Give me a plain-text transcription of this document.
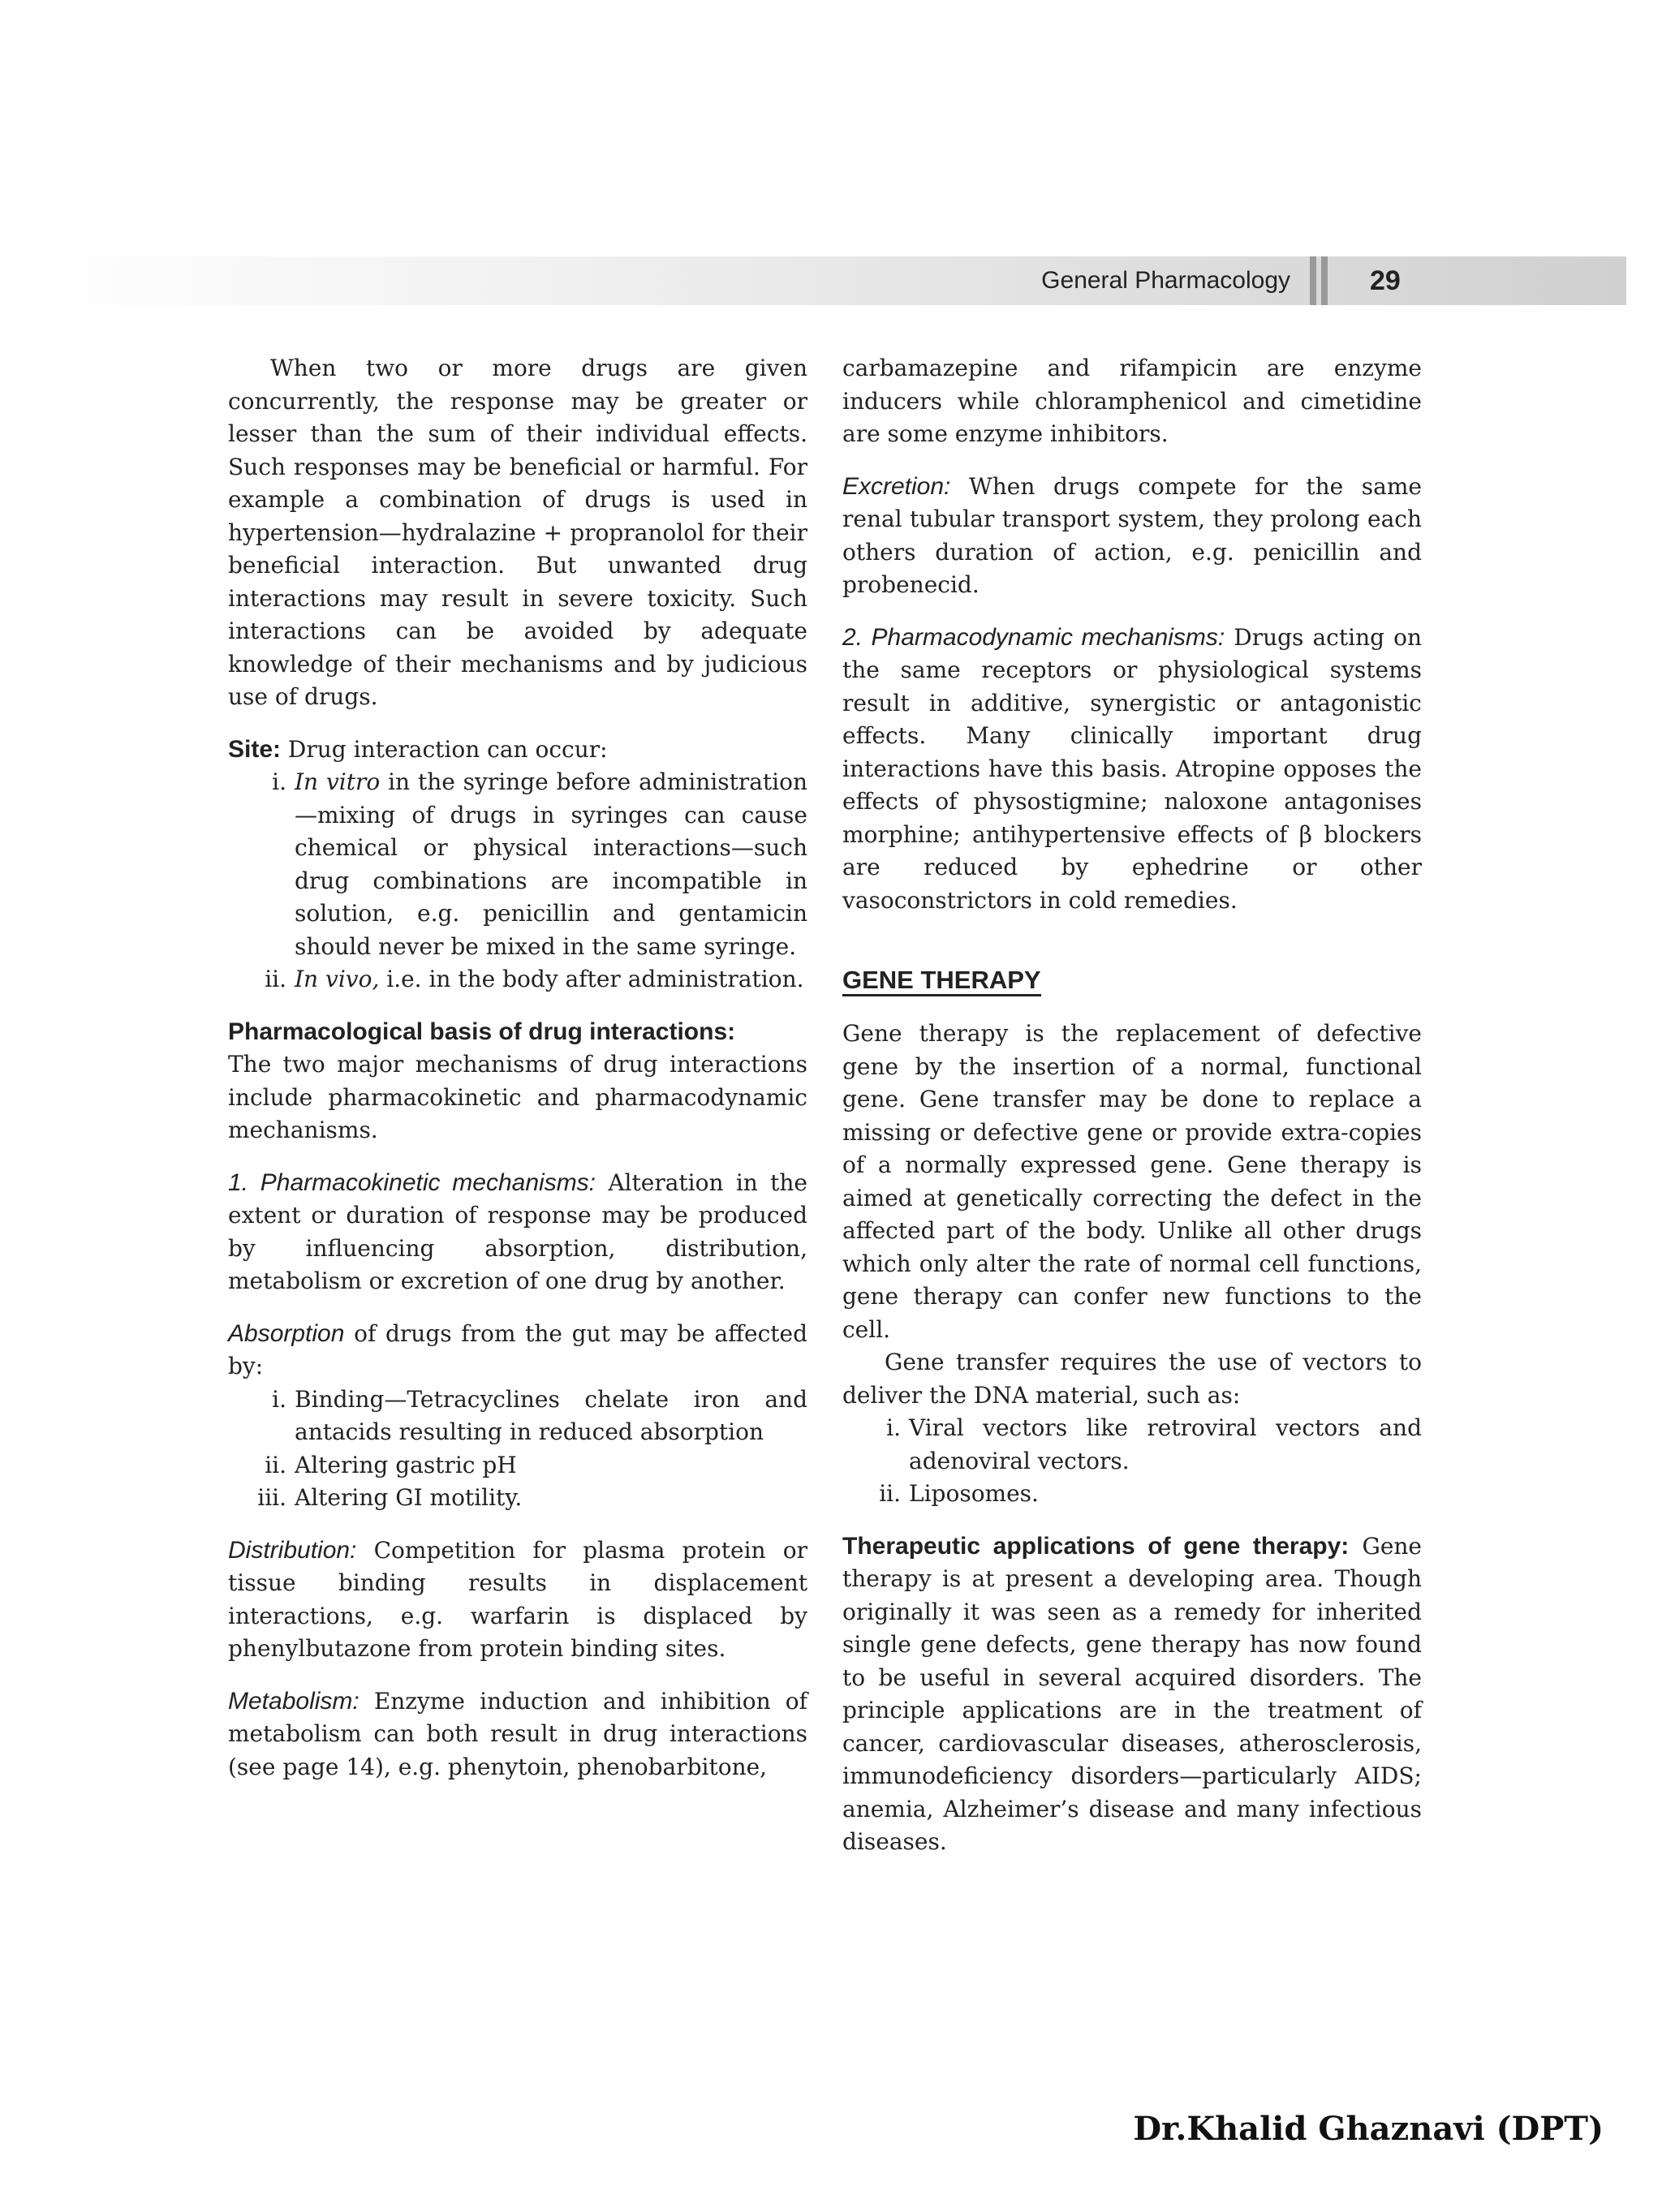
General Pharmacology	29

When two or more drugs are given concurrently, the response may be greater or lesser than the sum of their individual effects. Such responses may be beneficial or harmful. For example a combination of drugs is used in hypertension—hydralazine + propranolol for their beneficial interaction. But unwanted drug interactions may result in severe toxicity. Such interactions can be avoided by adequate knowledge of their mechanisms and by judicious use of drugs.

Site: Drug interaction can occur:

i. In vitro in the syringe before administration—mixing of drugs in syringes can cause chemical or physical interactions—such drug combinations are incompatible in solution, e.g. penicillin and gentamicin should never be mixed in the same syringe.
ii. In vivo, i.e. in the body after administration.

Pharmacological basis of drug interactions:

The two major mechanisms of drug interactions include pharmacokinetic and pharmacodynamic mechanisms.

1. Pharmacokinetic mechanisms: Alteration in the extent or duration of response may be produced by influencing absorption, distribution, metabolism or excretion of one drug by another.

Absorption of drugs from the gut may be affected by:

i. Binding—Tetracyclines chelate iron and antacids resulting in reduced absorption
ii. Altering gastric pH
iii. Altering GI motility.

Distribution: Competition for plasma protein or tissue binding results in displacement interactions, e.g. warfarin is displaced by phenylbutazone from protein binding sites.

Metabolism: Enzyme induction and inhibition of metabolism can both result in drug interactions (see page 14), e.g. phenytoin, phenobarbitone,

carbamazepine and rifampicin are enzyme inducers while chloramphenicol and cimetidine are some enzyme inhibitors.

Excretion: When drugs compete for the same renal tubular transport system, they prolong each others duration of action, e.g. penicillin and probenecid.

2. Pharmacodynamic mechanisms: Drugs acting on the same receptors or physiological systems result in additive, synergistic or antagonistic effects. Many clinically important drug interactions have this basis. Atropine opposes the effects of physostigmine; naloxone antagonises morphine; antihypertensive effects of β blockers are reduced by ephedrine or other vasoconstrictors in cold remedies.

GENE THERAPY

Gene therapy is the replacement of defective gene by the insertion of a normal, functional gene. Gene transfer may be done to replace a missing or defective gene or provide extra-copies of a normally expressed gene. Gene therapy is aimed at genetically correcting the defect in the affected part of the body. Unlike all other drugs which only alter the rate of normal cell functions, gene therapy can confer new functions to the cell.

Gene transfer requires the use of vectors to deliver the DNA material, such as:

i. Viral vectors like retroviral vectors and adenoviral vectors.
ii. Liposomes.

Therapeutic applications of gene therapy: Gene therapy is at present a developing area. Though originally it was seen as a remedy for inherited single gene defects, gene therapy has now found to be useful in several acquired disorders. The principle applications are in the treatment of cancer, cardiovascular diseases, atherosclerosis, immunodeficiency disorders—particularly AIDS; anemia, Alzheimer’s disease and many infectious diseases.

Dr.Khalid Ghaznavi (DPT)
